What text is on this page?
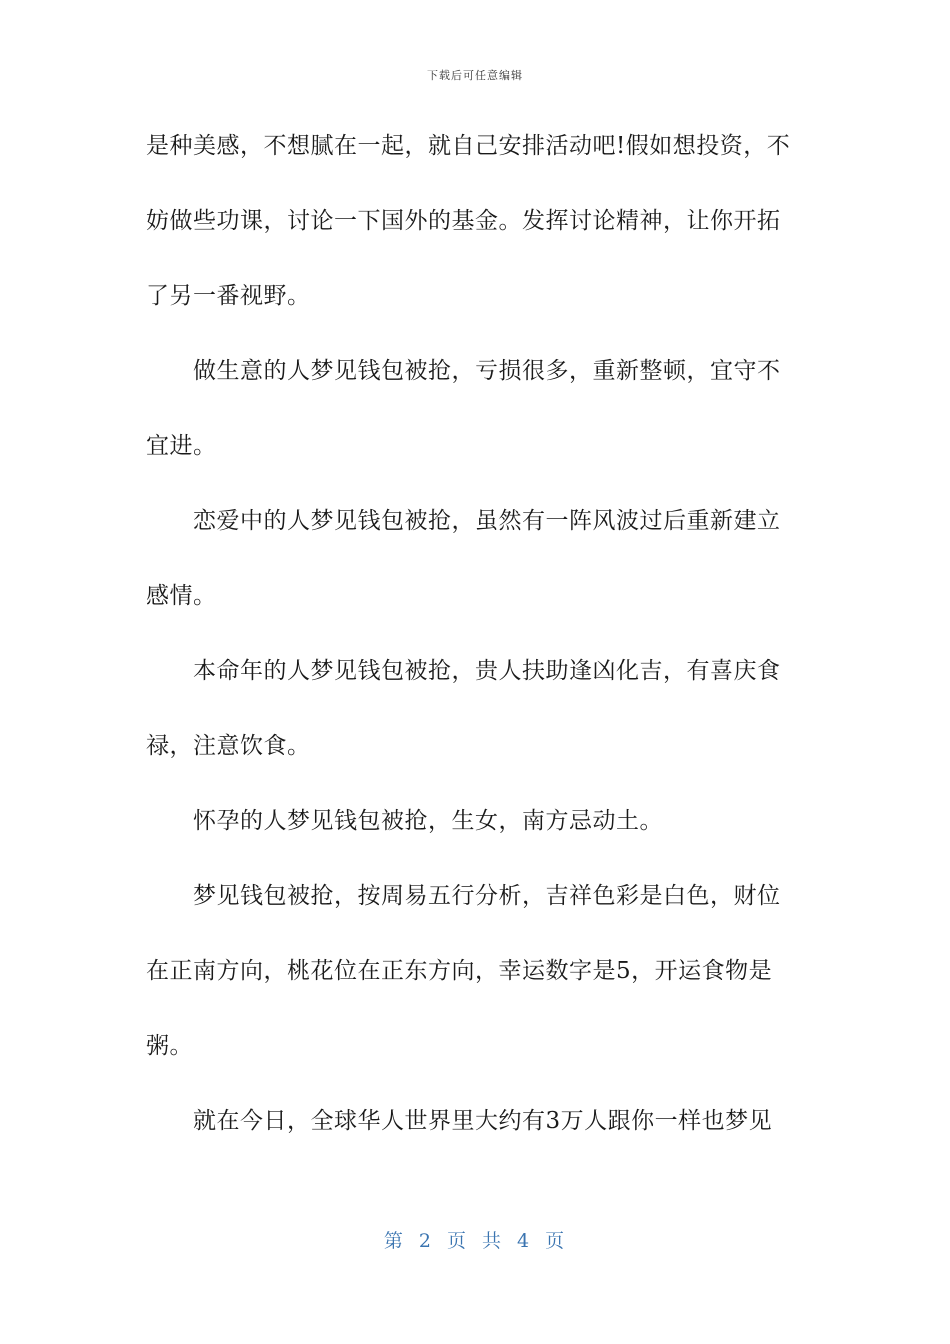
下载后可任意编辑
是种美感，不想腻在一起，就自己安排活动吧!假如想投资，不
妨做些功课，讨论一下国外的基金。发挥讨论精神，让你开拓
了另一番视野。
做生意的人梦见钱包被抢，亏损很多，重新整顿，宜守不
宜进。
恋爱中的人梦见钱包被抢，虽然有一阵风波过后重新建立
感情。
本命年的人梦见钱包被抢，贵人扶助逢凶化吉，有喜庆食
禄，注意饮食。
怀孕的人梦见钱包被抢，生女，南方忌动土。
梦见钱包被抢，按周易五行分析，吉祥色彩是白色，财位
在正南方向，桃花位在正东方向，幸运数字是5，开运食物是
粥。
就在今日，全球华人世界里大约有3万人跟你一样也梦见
第 2 页 共 4 页
